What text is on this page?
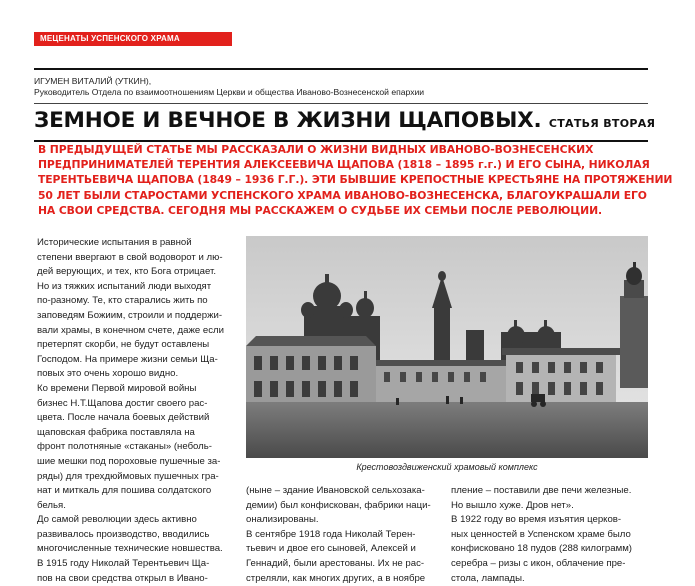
МЕЦЕНАТЫ УСПЕНСКОГО ХРАМА
ИГУМЕН ВИТАЛИЙ (УТКИН),
Руководитель Отдела по взаимоотношениям Церкви и общества Иваново-Вознесенской епархии
ЗЕМНОЕ И ВЕЧНОЕ В ЖИЗНИ ЩАПОВЫХ. СТАТЬЯ ВТОРАЯ
В ПРЕДЫДУЩЕЙ СТАТЬЕ МЫ РАССКАЗАЛИ О ЖИЗНИ ВИДНЫХ ИВАНОВО-ВОЗНЕСЕНСКИХ
ПРЕДПРИНИМАТЕЛЕЙ ТЕРЕНТИЯ АЛЕКСЕЕВИЧА ЩАПОВА (1818 – 1895 г.г.) И ЕГО СЫНА, НИКОЛАЯ
ТЕРЕНТЬЕВИЧА ЩАПОВА (1849 – 1936 Г.Г.). ЭТИ БЫВШИЕ КРЕПОСТНЫЕ КРЕСТЬЯНЕ НА ПРОТЯЖЕНИИ
50 ЛЕТ БЫЛИ СТАРОСТАМИ УСПЕНСКОГО ХРАМА ИВАНОВО-ВОЗНЕСЕНСКА, БЛАГОУКРАШАЛИ ЕГО
НА СВОИ СРЕДСТВА. СЕГОДНЯ МЫ РАССКАЖЕМ О СУДЬБЕ ИХ СЕМЬИ ПОСЛЕ РЕВОЛЮЦИИ.
Исторические испытания в равной
степени ввергают в свой водоворот и лю-
дей верующих, и тех, кто Бога отрицает.
Но из тяжких испытаний люди выходят
по-разному. Те, кто старались жить по
заповедям Божиим, строили и поддержи-
вали храмы, в конечном счете, даже если
претерпят скорби, не будут оставлены
Господом. На примере жизни семьи Ща-
повых это очень хорошо видно.
Ко времени Первой мировой войны
бизнес Н.Т.Щапова достиг своего рас-
цвета. После начала боевых действий
щаповская фабрика поставляла на
фронт полотняные «стаканы» (неболь-
шие мешки под пороховые пушечные за-
ряды) для трехдюймовых пушечных гра-
нат и миткаль для пошива солдатского
белья.
До самой революции здесь активно
развивалось производство, вводились
многочисленные технические новшества.
В 1915 году Николай Терентьевич Ща-
пов на свои средства открыл в Ивано-
Крестовоздвиженский храмовый комплекс
(ныне – здание Ивановской сельхозака-
демии) был конфискован, фабрики наци-
онализированы.
В сентябре 1918 года Николай Терен-
тьевич и двое его сыновей, Алексей и
Геннадий, были арестованы. Их не рас-
стреляли, как многих других, а в ноябре
пление – поставили две печи железные.
Но вышло хуже. Дров нет».
В 1922 году во время изъятия церков-
ных ценностей в Успенском храме было
конфисковано 18 пудов (288 килограмм)
серебра – ризы с икон, облачение пре-
стола, лампады.
